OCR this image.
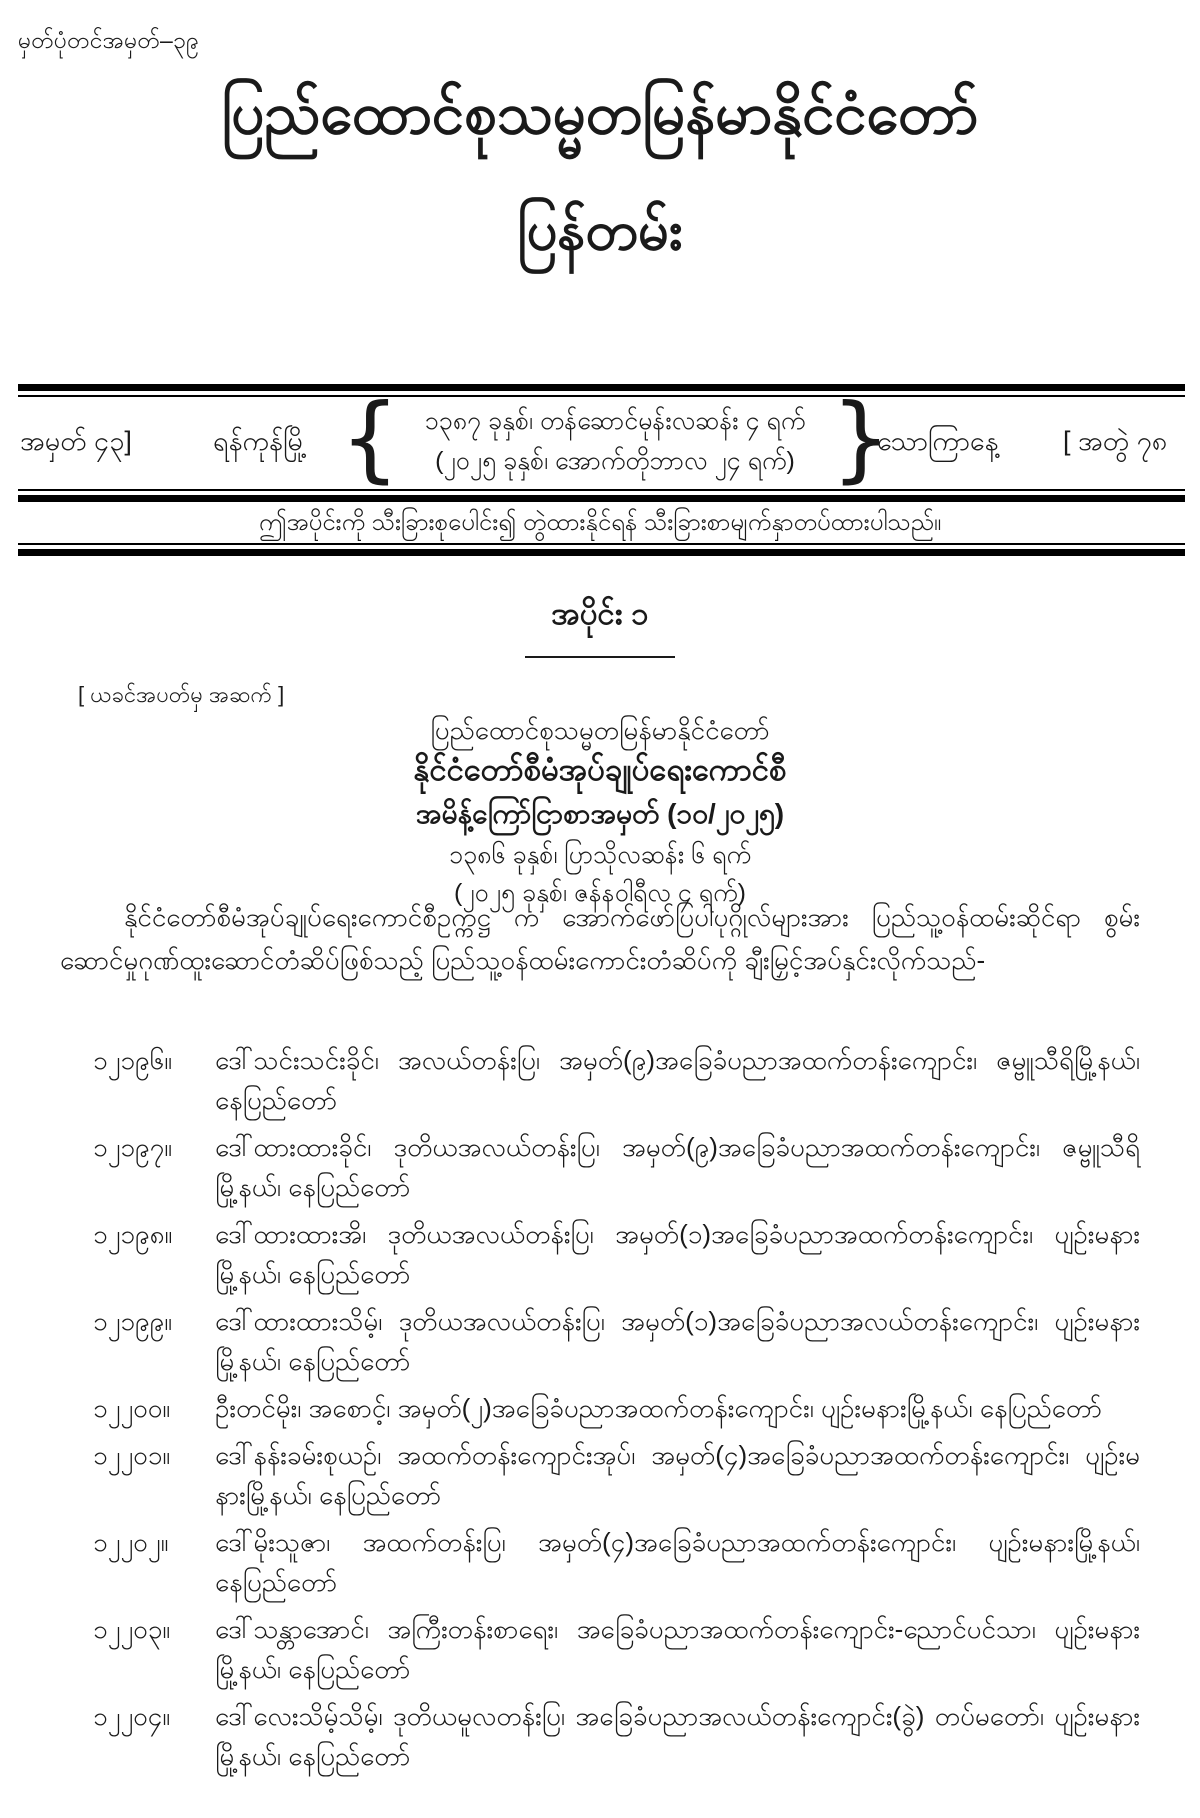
မှတ်ပုံတင်အမှတ်–၃၉
ပြည်ထောင်စုသမ္မတမြန်မာနိုင်ငံတော်
ပြန်တမ်း
အမှတ် ၄၃]	ရန်ကုန်မြို့ { ၁၃၈၇ ခုနှစ်၊ တန်ဆောင်မုန်းလဆန်း ၄ ရက်
(၂၀၂၅ ခုနှစ်၊ အောက်တိုဘာလ ၂၄ ရက်) }
သောကြာနေ့ [ အတွဲ ၇၈
ဤအပိုင်းကို သီးခြားစုပေါင်း၍ တွဲထားနိုင်ရန် သီးခြားစာမျက်နှာတပ်ထားပါသည်။
အပိုင်း ၁
[ ယခင်အပတ်မှ အဆက် ]
ပြည်ထောင်စုသမ္မတမြန်မာနိုင်ငံတော်
နိုင်ငံတော်စီမံအုပ်ချုပ်ရေးကောင်စီ
အမိန့်ကြော်ငြာစာအမှတ် (၁၀/၂၀၂၅)
၁၃၈၆ ခုနှစ်၊ ပြာသိုလဆန်း ၆ ရက်
(၂၀၂၅ ခုနှစ်၊ ဇန်နဝါရီလ ၄ ရက်)

နိုင်ငံတော်စီမံအုပ်ချုပ်ရေးကောင်စီဥက္ကဋ္ဌ က အောက်ဖော်ပြပါပုဂ္ဂိုလ်များအား ပြည်သူ့ဝန်ထမ်းဆိုင်ရာ စွမ်းဆောင်မှုဂုဏ်ထူးဆောင်တံဆိပ်ဖြစ်သည့် ပြည်သူ့ဝန်ထမ်းကောင်းတံဆိပ်ကို ချီးမြှင့်အပ်နှင်းလိုက်သည်-

၁၂၁၉၆။ ဒေါ်သင်းသင်းခိုင်၊ အလယ်တန်းပြ၊ အမှတ်(၉)အခြေခံပညာအထက်တန်းကျောင်း၊ ဇမ္ဗူသီရိမြို့နယ်၊ နေပြည်တော်
၁၂၁၉၇။ ဒေါ်ထားထားခိုင်၊ ဒုတိယအလယ်တန်းပြ၊ အမှတ်(၉)အခြေခံပညာအထက်တန်းကျောင်း၊ ဇမ္ဗူသီရိမြို့နယ်၊ နေပြည်တော်
၁၂၁၉၈။ ဒေါ်ထားထားအိ၊ ဒုတိယအလယ်တန်းပြ၊ အမှတ်(၁)အခြေခံပညာအထက်တန်းကျောင်း၊ ပျဉ်းမနားမြို့နယ်၊ နေပြည်တော်
၁၂၁၉၉။ ဒေါ်ထားထားသိမ့်၊ ဒုတိယအလယ်တန်းပြ၊ အမှတ်(၁)အခြေခံပညာအလယ်တန်းကျောင်း၊ ပျဉ်းမနားမြို့နယ်၊ နေပြည်တော်
၁၂၂၀၀။ ဦးတင်မိုး၊ အစောင့်၊ အမှတ်(၂)အခြေခံပညာအထက်တန်းကျောင်း၊ ပျဉ်းမနားမြို့နယ်၊ နေပြည်တော်
၁၂၂၀၁။ ဒေါ်နန်းခမ်းစုယဉ်၊ အထက်တန်းကျောင်းအုပ်၊ အမှတ်(၄)အခြေခံပညာအထက်တန်းကျောင်း၊ ပျဉ်းမနားမြို့နယ်၊ နေပြည်တော်
၁၂၂၀၂။ ဒေါ်မိုးသူဇာ၊ အထက်တန်းပြ၊ အမှတ်(၄)အခြေခံပညာအထက်တန်းကျောင်း၊ ပျဉ်းမနားမြို့နယ်၊ နေပြည်တော်
၁၂၂၀၃။ ဒေါ်သန္တာအောင်၊ အကြီးတန်းစာရေး၊ အခြေခံပညာအထက်တန်းကျောင်း-ညောင်ပင်သာ၊ ပျဉ်းမနားမြို့နယ်၊ နေပြည်တော်
၁၂၂၀၄။ ဒေါ်လေးသိမ့်သိမ့်၊ ဒုတိယမူလတန်းပြ၊ အခြေခံပညာအလယ်တန်းကျောင်း(ခွဲ) တပ်မတော်၊ ပျဉ်းမနားမြို့နယ်၊ နေပြည်တော်
